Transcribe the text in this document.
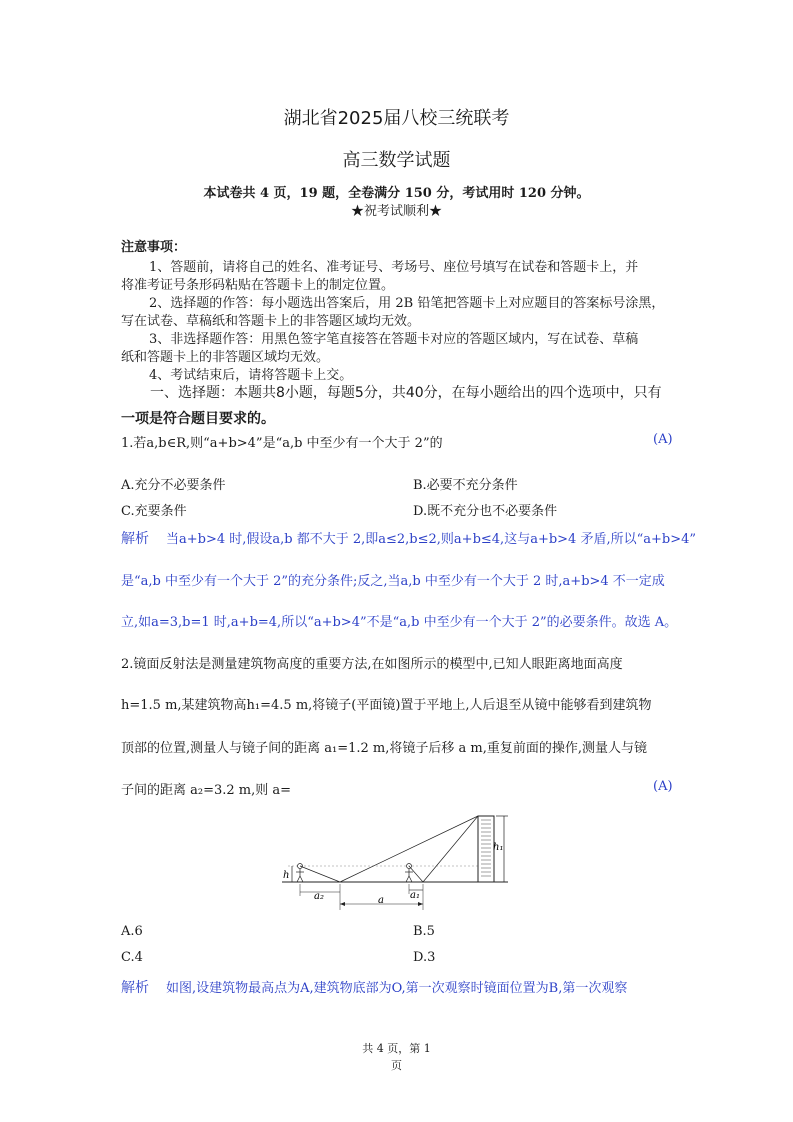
湖北省2025届八校三统联考
高三数学试题
本试卷共 4 页，19 题，全卷满分 150 分，考试用时 120 分钟。
★祝考试顺利★
注意事项：
1、答题前，请将自己的姓名、准考证号、考场号、座位号填写在试卷和答题卡上，并
将准考证号条形码粘贴在答题卡上的制定位置。
2、选择题的作答：每小题选出答案后，用 2B 铅笔把答题卡上对应题目的答案标号涂黑，
写在试卷、草稿纸和答题卡上的非答题区域均无效。
3、非选择题作答：用黑色签字笔直接答在答题卡对应的答题区域内，写在试卷、草稿
纸和答题卡上的非答题区域均无效。
4、考试结束后，请将答题卡上交。
一、选择题：本题共8小题，每题5分，共40分，在每小题给出的四个选项中，只有
一项是符合题目要求的。
1.若a,b∈R,则“a+b>4”是“a,b 中至少有一个大于 2”的	(A)
A.充分不必要条件	B.必要不充分条件
C.充要条件	D.既不充分也不必要条件
解析 当a+b>4 时,假设a,b 都不大于 2,即a≤2,b≤2,则a+b≤4,这与a+b>4 矛盾,所以“a+b>4”
是“a,b 中至少有一个大于 2”的充分条件;反之,当a,b 中至少有一个大于 2 时,a+b>4 不一定成
立,如a=3,b=1 时,a+b=4,所以“a+b>4”不是“a,b 中至少有一个大于 2”的必要条件。故选 A。
2.镜面反射法是测量建筑物高度的重要方法,在如图所示的模型中,已知人眼距离地面高度
h=1.5 m,某建筑物高h₁=4.5 m,将镜子(平面镜)置于平地上,人后退至从镜中能够看到建筑物
顶部的位置,测量人与镜子间的距离 a₁=1.2 m,将镜子后移 a m,重复前面的操作,测量人与镜
子间的距离 a₂=3.2 m,则 a=	(A)
h₁
h
a₂	a₁
a
A.6	B.5
C.4	D.3
解析 如图,设建筑物最高点为A,建筑物底部为O,第一次观察时镜面位置为B,第一次观察
共 4 页，第 1
页
